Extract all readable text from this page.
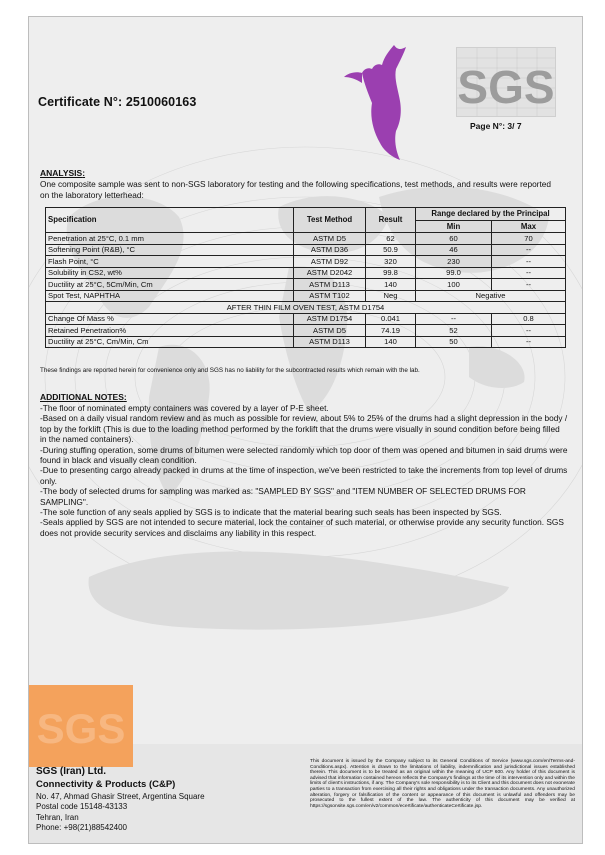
SGS
Certificate N°: 2510060163
Page N°: 3/ 7
ANALYSIS:
One composite sample was sent to non-SGS laboratory for testing and the following specifications, test methods, and results were reported on the laboratory letterhead:
Specification	Test Method	Result	Range declared by the Principal	
			Min	Max
Penetration at 25°C, 0.1 mm	ASTM D5	62	60	70
Softening Point (R&B), °C	ASTM D36	50.9	46	--
Flash Point, °C	ASTM D92	320	230	--
Solubility in CS2, wt%	ASTM D2042	99.8	99.0	--
Ductility at 25°C, 5Cm/Min, Cm	ASTM D113	140	100	--
Spot Test, NAPHTHA	ASTM T102	Neg	Negative	
AFTER THIN FILM OVEN TEST, ASTM D1754				
Change Of Mass %	ASTM D1754	0.041	--	0.8
Retained Penetration%	ASTM D5	74.19	52	--
Ductility at 25°C, Cm/Min, Cm	ASTM D113	140	50	--
These findings are reported herein for convenience only and SGS has no liability for the subcontracted results which remain with the lab.
ADDITIONAL NOTES:

-The floor of nominated empty containers was covered by a layer of P-E sheet.

-Based on a daily visual random review and as much as possible for review, about 5% to 25% of the drums had a slight depression in the body / top by the forklift (This is due to the loading method performed by the forklift that the drums were visually in sound condition before being filled in the named containers).

-During stuffing operation, some drums of bitumen were selected randomly which top door of them was opened and bitumen in said drums were found in black and visually clean condition.

-Due to presenting cargo already packed in drums at the time of inspection, we've been restricted to take the increments from top level of drums only.

-The body of selected drums for sampling was marked as: "SAMPLED BY SGS" and "ITEM NUMBER OF SELECTED DRUMS FOR SAMPLING".

-The sole function of any seals applied by SGS is to indicate that the material bearing such seals has been inspected by SGS.

-Seals applied by SGS are not intended to secure material, lock the container of such material, or otherwise provide any security function. SGS does not provide security services and disclaims any liability in this respect.

SGS
SGS (Iran) Ltd.
Connectivity & Products (C&P)
No. 47, Ahmad Ghasir Street, Argentina Square
Postal code 15148-43133
Tehran, Iran
Phone: +98(21)88542400
This document is issued by the Company subject to its General Conditions of Service (www.sgs.com/en/Terms-and-Conditions.aspx). Attention is drawn to the limitations of liability, indemnification and jurisdictional issues established therein. This document is to be treated as an original within the meaning of UCP 600. Any holder of this document is advised that information contained hereon reflects the Company's findings at the time of its intervention only and within the limits of client's instructions, if any. The Company's sole responsibility is to its Client and this document does not exonerate parties to a transaction from exercising all their rights and obligations under the transaction documents. Any unauthorized alteration, forgery or falsification of the content or appearance of this document is unlawful and offenders may be prosecuted to the fullest extent of the law. The authenticity of this document may be verified at https://sgsonsite.sgs.com/en/v2/common/ecertificate/authenticateCertificate.jsp.
